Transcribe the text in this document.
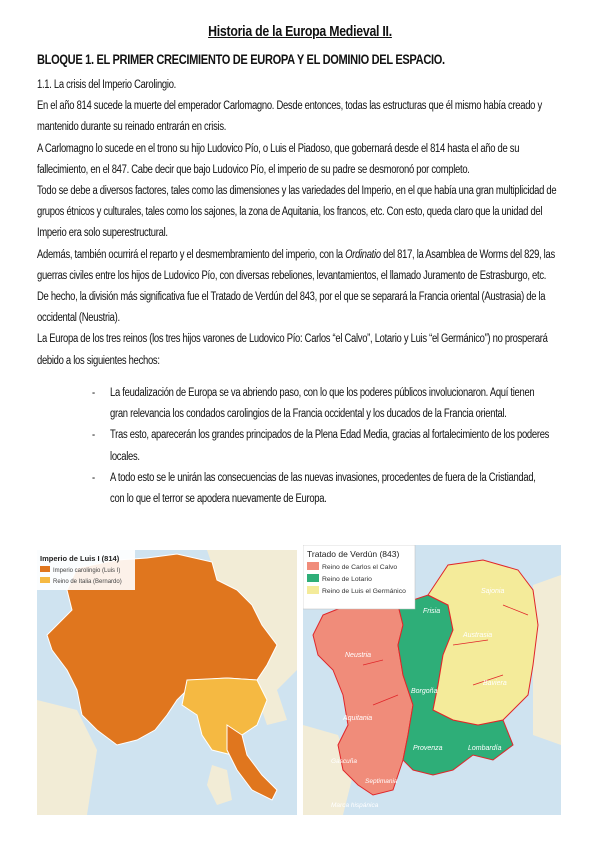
Historia de la Europa Medieval II.
BLOQUE 1. EL PRIMER CRECIMIENTO DE EUROPA Y EL DOMINIO DEL ESPACIO.

1.1. La crisis del Imperio Carolingio.

En el año 814 sucede la muerte del emperador Carlomagno. Desde entonces, todas las estructuras que él mismo había creado y mantenido durante su reinado entrarán en crisis.

A Carlomagno lo sucede en el trono su hijo Ludovico Pío, o Luis el Piadoso, que gobernará desde el 814 hasta el año de su fallecimiento, en el 847. Cabe decir que bajo Ludovico Pío, el imperio de su padre se desmoronó por completo.

Todo se debe a diversos factores, tales como las dimensiones y las variedades del Imperio, en el que había una gran multiplicidad de grupos étnicos y culturales, tales como los sajones, la zona de Aquitania, los francos, etc. Con esto, queda claro que la unidad del Imperio era solo superestructural.

Además, también ocurrirá el reparto y el desmembramiento del imperio, con la Ordinatio del 817, la Asamblea de Worms del 829, las guerras civiles entre los hijos de Ludovico Pío, con diversas rebeliones, levantamientos, el llamado Juramento de Estrasburgo, etc.

De hecho, la división más significativa fue el Tratado de Verdún del 843, por el que se separará la Francia oriental (Austrasia) de la occidental (Neustria).

La Europa de los tres reinos (los tres hijos varones de Ludovico Pío: Carlos “el Calvo”, Lotario y Luis “el Germánico”) no prosperará debido a los siguientes hechos:

- La feudalización de Europa se va abriendo paso, con lo que los poderes públicos involucionaron. Aquí tienen gran relevancia los condados carolingios de la Francia occidental y los ducados de la Francia oriental.
- Tras esto, aparecerán los grandes principados de la Plena Edad Media, gracias al fortalecimiento de los poderes locales.
- A todo esto se le unirán las consecuencias de las nuevas invasiones, procedentes de fuera de la Cristiandad, con lo que el terror se apodera nuevamente de Europa.
Imperio de Luis I (814)
Imperio carolingio (Luis I)
Reino de Italia (Bernardo)
Neustria
Aquitania
Borgoña
Provenza
Gascuña
Septimania
Marca hispánica
Sajonia
Austrasia
Baviera
Lombardía
Frisia
Tratado de Verdún (843)
Reino de Carlos el Calvo
Reino de Lotario
Reino de Luis el Germánico
